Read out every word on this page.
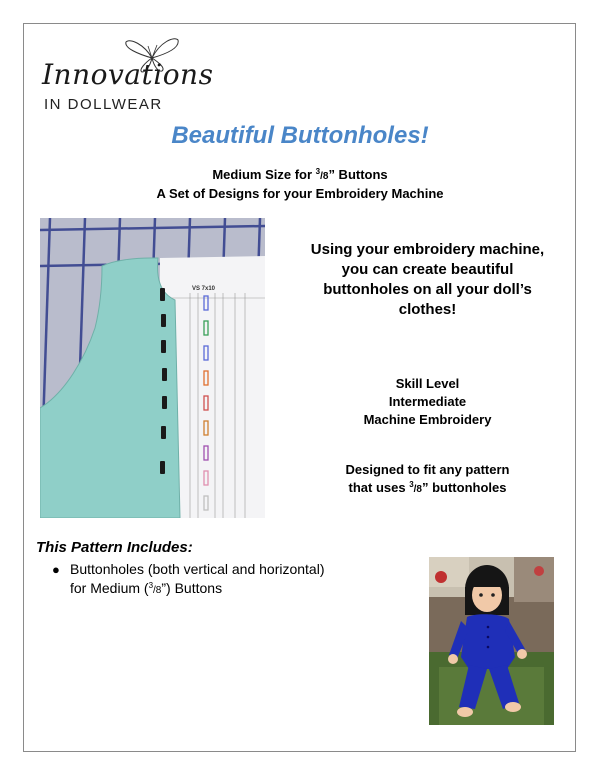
Innovations
IN DOLLWEAR
Beautiful Buttonholes!
Medium Size for $^3$/8” Buttons
A Set of Designs for your Embroidery Machine
VS 7x10
Using your embroidery machine,
you can create beautiful
buttonholes on all your doll’s
clothes!
Skill Level
Intermediate
Machine Embroidery
Designed to fit any pattern
that uses $^3$/8” buttonholes
This Pattern Includes:
● Buttonholes (both vertical and horizontal)
for Medium ($^3$/8”) Buttons
